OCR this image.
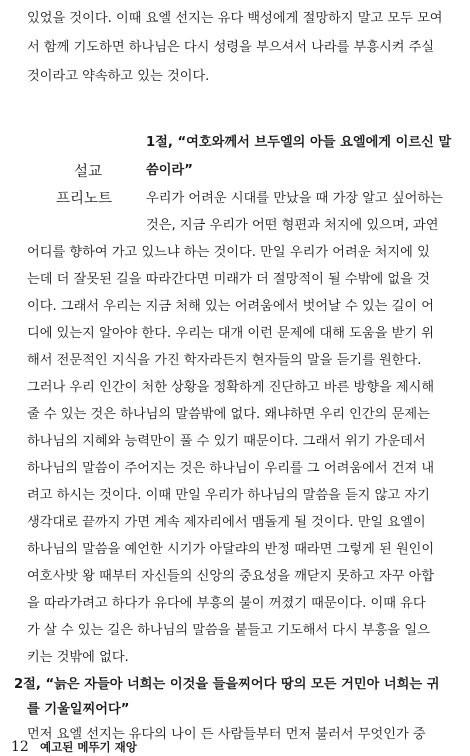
있었을 것이다. 이때 요엘 선지는 유다 백성에게 절망하지 말고 모두 모여
서 함께 기도하면 하나님은 다시 성령을 부으셔서 나라를 부흥시켜 주실
것이라고 약속하고 있는 것이다.
설교
프리노트
1절, “여호와께서 브두엘의 아들 요엘에게 이르신 말
씀이라”
우리가 어려운 시대를 만났을 때 가장 알고 싶어하는
것은, 지금 우리가 어떤 형편과 처지에 있으며, 과연
어디를 향하여 가고 있느냐 하는 것이다. 만일 우리가 어려운 처지에 있
는데 더 잘못된 길을 따라간다면 미래가 더 절망적이 될 수밖에 없을 것
이다. 그래서 우리는 지금 처해 있는 어려움에서 벗어날 수 있는 길이 어
디에 있는지 알아야 한다. 우리는 대개 이런 문제에 대해 도움을 받기 위
해서 전문적인 지식을 가진 학자라든지 현자들의 말을 듣기를 원한다.
그러나 우리 인간이 처한 상황을 정확하게 진단하고 바른 방향을 제시해
줄 수 있는 것은 하나님의 말씀밖에 없다. 왜냐하면 우리 인간의 문제는
하나님의 지혜와 능력만이 풀 수 있기 때문이다. 그래서 위기 가운데서
하나님의 말씀이 주어지는 것은 하나님이 우리를 그 어려움에서 건져 내
려고 하시는 것이다. 이때 만일 우리가 하나님의 말씀을 듣지 않고 자기
생각대로 끝까지 가면 계속 제자리에서 맴돌게 될 것이다. 만일 요엘이
하나님의 말씀을 예언한 시기가 아달랴의 반정 때라면 그렇게 된 원인이
여호사밧 왕 때부터 자신들의 신앙의 중요성을 깨닫지 못하고 자꾸 아합
을 따라가려고 하다가 유다에 부흥의 불이 꺼졌기 때문이다. 이때 유다
가 살 수 있는 길은 하나님의 말씀을 붙들고 기도해서 다시 부흥을 일으
키는 것밖에 없다.
2절, “늙은 자들아 너희는 이것을 들을찌어다 땅의 모든 거민아 너희는 귀
를 기울일찌어다”
먼저 요엘 선지는 유다의 나이 든 사람들부터 먼저 불러서 무엇인가 중
12 예고된 메뚜기 재앙
